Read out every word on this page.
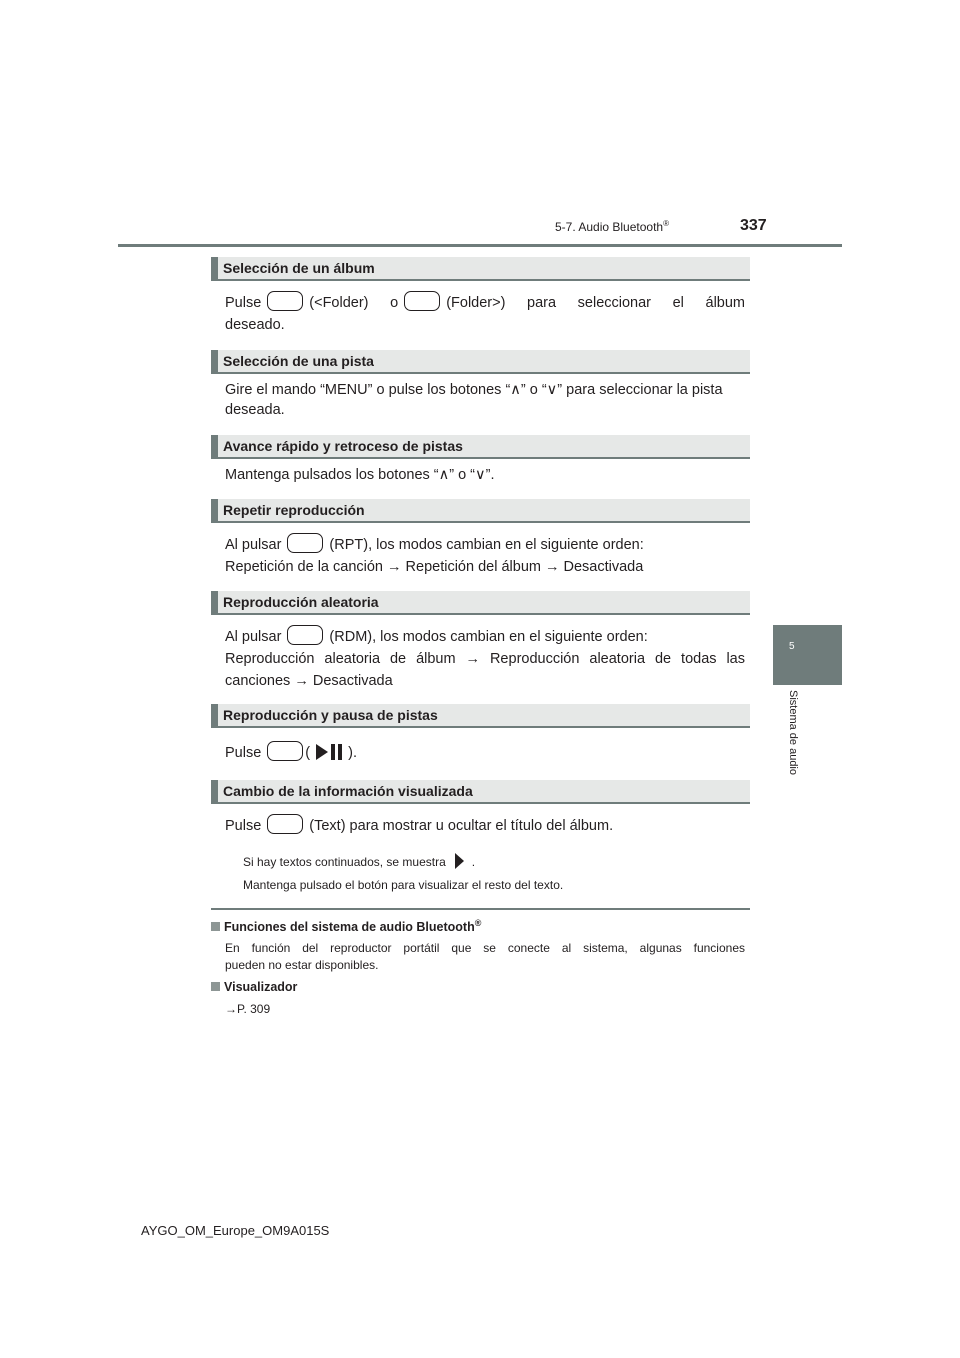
5-7. Audio Bluetooth®	337
5
Sistema de audio
Selección de un álbum
Pulse	(<Folder) o	(Folder>) para seleccionar el álbum
deseado.
Selección de una pista
Gire el mando “MENU” o pulse los botones “∧” o “∨” para seleccionar la pista
deseada.
Avance rápido y retroceso de pistas
Mantenga pulsados los botones “∧” o “∨”.
Repetir reproducción
Al pulsar	(RPT), los modos cambian en el siguiente orden:
Repetición de la canción → Repetición del álbum → Desactivada
Reproducción aleatoria
Al pulsar	(RDM), los modos cambian en el siguiente orden:
Reproducción aleatoria de álbum → Reproducción aleatoria de todas las
canciones → Desactivada
Reproducción y pausa de pistas
Pulse	(	).
Cambio de la información visualizada
Pulse	(Text) para mostrar u ocultar el título del álbum.
Si hay textos continuados, se muestra .
Mantenga pulsado el botón para visualizar el resto del texto.
Funciones del sistema de audio Bluetooth®
En función del reproductor portátil que se conecte al sistema, algunas funciones
pueden no estar disponibles.
Visualizador
→P. 309
AYGO_OM_Europe_OM9A015S
